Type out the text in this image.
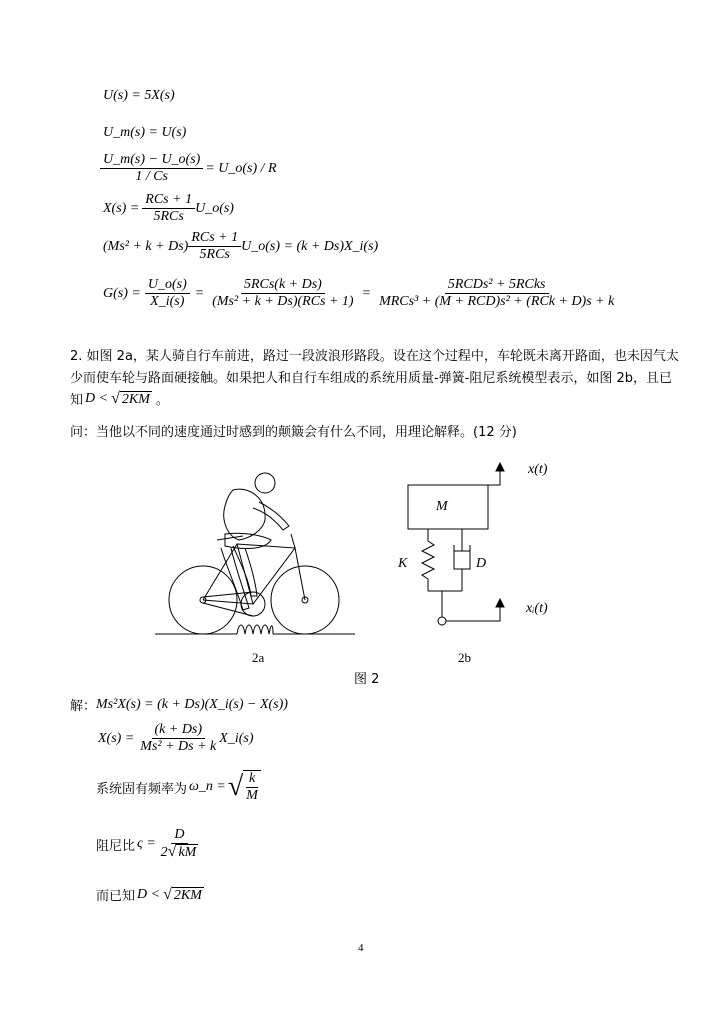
U(s) = 5X(s)
U_m(s) = U(s)
$\frac{U\_m(s) - U\_o(s)}{1 / Cs}$ = U_o(s) / R
$X(s) = \frac{\text{RCs + 1}}{\text{5RCs}}$ U_o(s)
$(Ms^2 + k + Ds) \frac{\text{RCs + 1}}{\text{5RCs}}$ U_o(s) = (k + Ds)X_i(s)
$G(s) = \frac{U\_o(s)}{X\_i(s)} = \frac{\text{5RCs(k + Ds)}}{\text{(Ms² + k + Ds)(RCs + 1)}} = \frac{\text{5RCDs² + 5RCks}}{\text{MRCs³ + (M + RCD)s² + (RCk + D)s + k}}$
2. 如图 2a，某人骑自行车前进，路过一段波浪形路段。设在这个过程中，车轮既未离开路面，也未因气太
少而使车轮与路面硬接触。如果把人和自行车组成的系统用质量-弹簧-阻尼系统模型表示，如图 2b，且已
知 D < √ 2KM 。
问：当他以不同的速度通过时感到的颠簸会有什么不同，用理论解释。(12 分)
M
K	D
x(t)
xᵢ(t)
2a	2b
图 2
解： Ms²X(s) = (k + Ds)(X_i(s) − X(s))
$X(s) = \frac{(k + Ds)}{\text{Ms² + Ds + k}}$ X_i(s)
系统固有频率为 ω_n = √ $\frac{k}{M}$
阻尼比 $\varsigma = \frac{D}{2√ kM}$
而已知 D < √ 2KM
4
